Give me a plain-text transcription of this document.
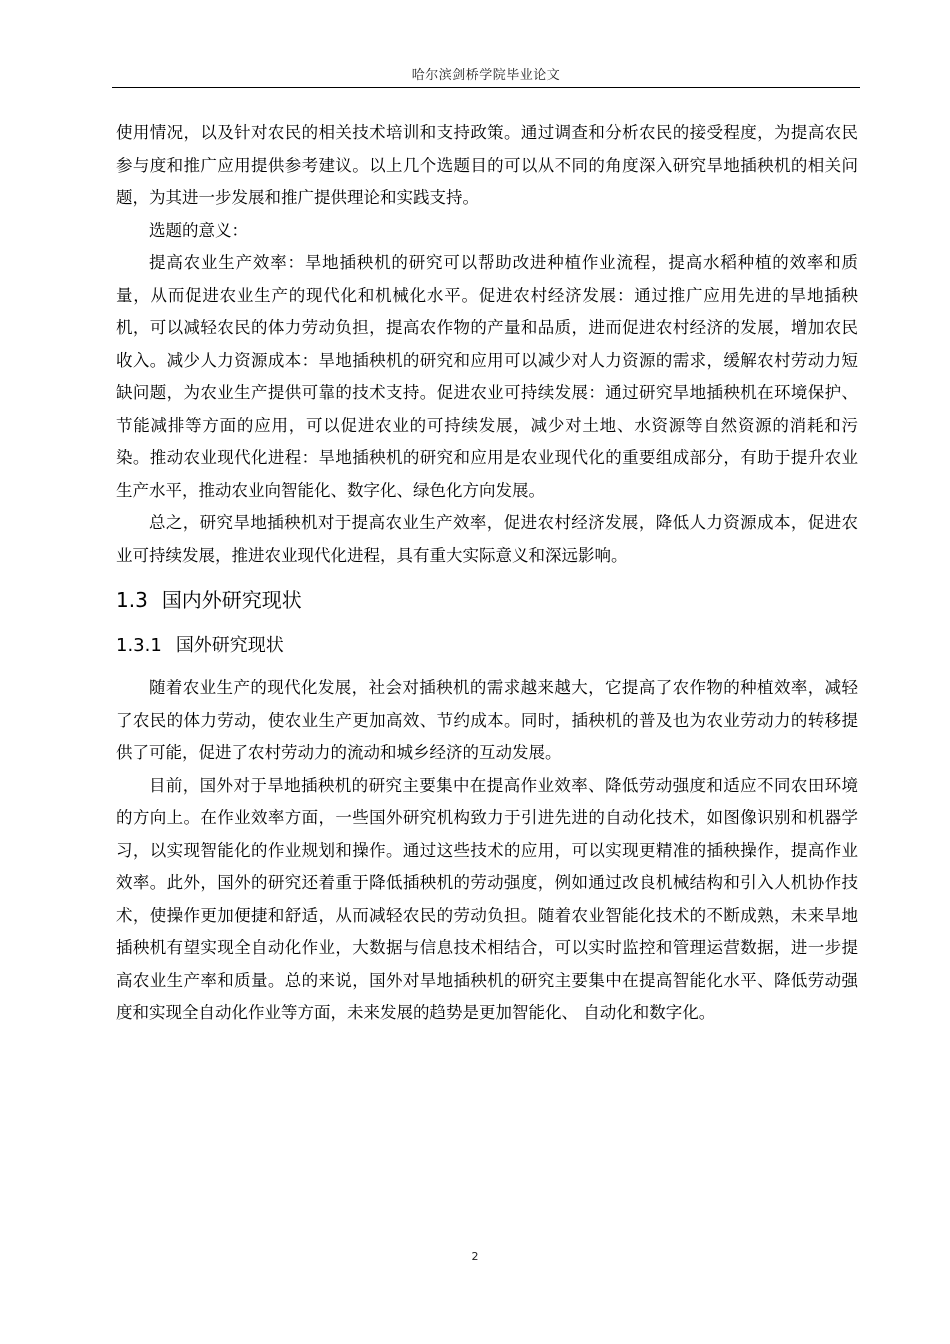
哈尔滨剑桥学院毕业论文

使用情况，以及针对农民的相关技术培训和支持政策。通过调查和分析农民的接受程度，为提高农民参与度和推广应用提供参考建议。以上几个选题目的可以从不同的角度深入研究旱地插秧机的相关问题，为其进一步发展和推广提供理论和实践支持。

选题的意义：

提高农业生产效率：旱地插秧机的研究可以帮助改进种植作业流程，提高水稻种植的效率和质量，从而促进农业生产的现代化和机械化水平。促进农村经济发展：通过推广应用先进的旱地插秧机，可以减轻农民的体力劳动负担，提高农作物的产量和品质，进而促进农村经济的发展，增加农民收入。减少人力资源成本：旱地插秧机的研究和应用可以减少对人力资源的需求，缓解农村劳动力短缺问题，为农业生产提供可靠的技术支持。促进农业可持续发展：通过研究旱地插秧机在环境保护、节能减排等方面的应用，可以促进农业的可持续发展，减少对土地、水资源等自然资源的消耗和污染。推动农业现代化进程：旱地插秧机的研究和应用是农业现代化的重要组成部分，有助于提升农业生产水平，推动农业向智能化、数字化、绿色化方向发展。

总之，研究旱地插秧机对于提高农业生产效率，促进农村经济发展，降低人力资源成本，促进农业可持续发展，推进农业现代化进程，具有重大实际意义和深远影响。

1.3 国内外研究现状
1.3.1 国外研究现状

随着农业生产的现代化发展，社会对插秧机的需求越来越大，它提高了农作物的种植效率，减轻了农民的体力劳动，使农业生产更加高效、节约成本。同时，插秧机的普及也为农业劳动力的转移提供了可能，促进了农村劳动力的流动和城乡经济的互动发展。

目前，国外对于旱地插秧机的研究主要集中在提高作业效率、降低劳动强度和适应不同农田环境的方向上。在作业效率方面，一些国外研究机构致力于引进先进的自动化技术，如图像识别和机器学习，以实现智能化的作业规划和操作。通过这些技术的应用，可以实现更精准的插秧操作，提高作业效率。此外，国外的研究还着重于降低插秧机的劳动强度，例如通过改良机械结构和引入人机协作技术，使操作更加便捷和舒适，从而减轻农民的劳动负担。随着农业智能化技术的不断成熟，未来旱地插秧机有望实现全自动化作业，大数据与信息技术相结合，可以实时监控和管理运营数据，进一步提高农业生产率和质量。总的来说，国外对旱地插秧机的研究主要集中在提高智能化水平、降低劳动强度和实现全自动化作业等方面，未来发展的趋势是更加智能化、 自动化和数字化。

2
